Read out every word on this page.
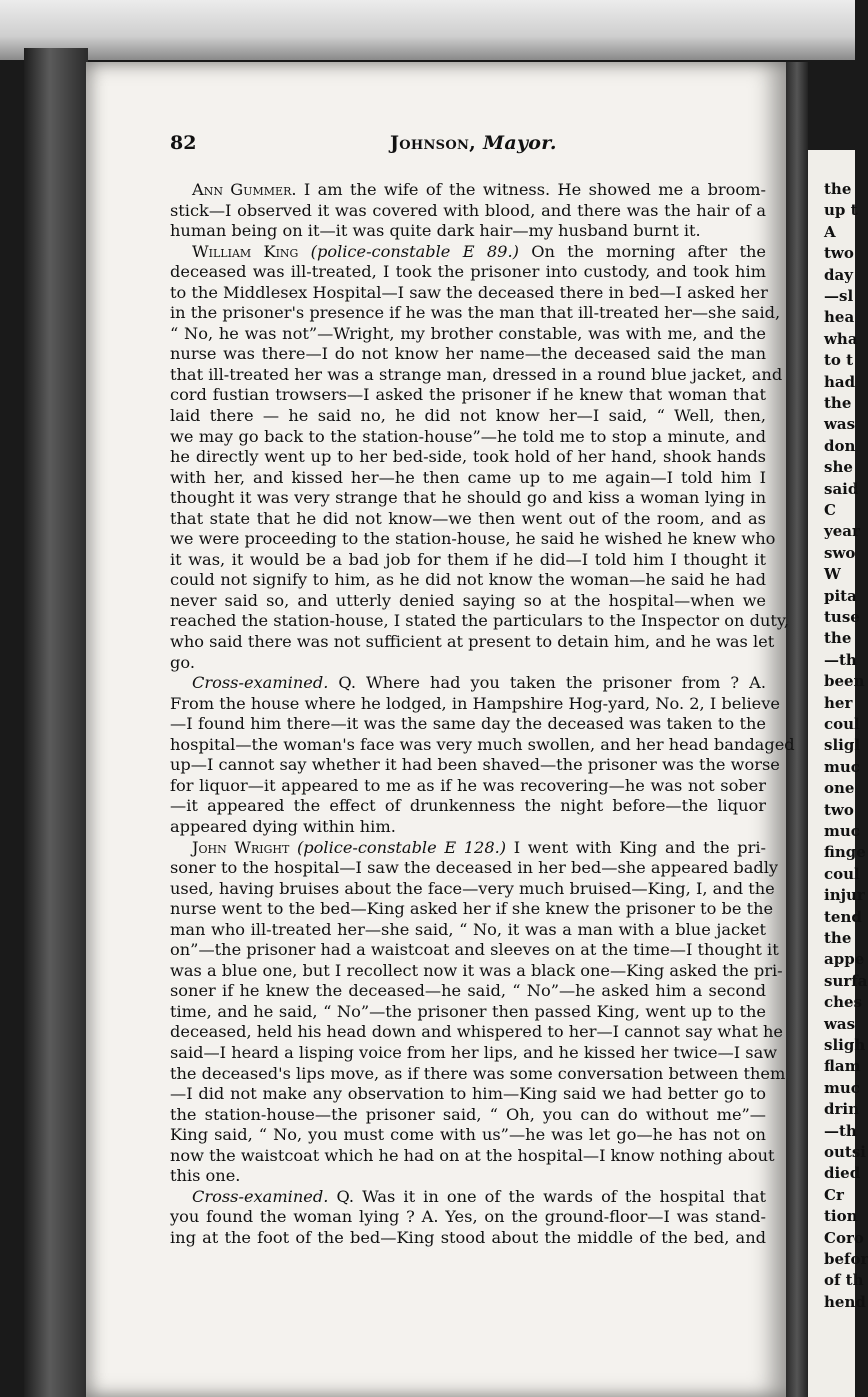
the
up t
A
two
day
—sl
hea
wha
to t
had
the
was
don
she
said
C
year
swo
W
pita
tuse
the
—th
been
her
coul
sligl
muc
one
two
muc
finge
coul
injur
tend
the
appe
surfa
ches
was
sligh
flam
muc
drin
—th
outsi
died
Cr
tion
Coro
befor
of th
hend
82	Johnson, Mayor.
Ann Gummer. I am the wife of the witness. He showed me a broom-
stick—I observed it was covered with blood, and there was the hair of a
human being on it—it was quite dark hair—my husband burnt it.
William King (police-constable E 89.) On the morning after the
deceased was ill-treated, I took the prisoner into custody, and took him
to the Middlesex Hospital—I saw the deceased there in bed—I asked her
in the prisoner's presence if he was the man that ill-treated her—she said,
“ No, he was not”—Wright, my brother constable, was with me, and the
nurse was there—I do not know her name—the deceased said the man
that ill-treated her was a strange man, dressed in a round blue jacket, and
cord fustian trowsers—I asked the prisoner if he knew that woman that
laid there — he said no, he did not know her—I said, “ Well, then,
we may go back to the station-house”—he told me to stop a minute, and
he directly went up to her bed-side, took hold of her hand, shook hands
with her, and kissed her—he then came up to me again—I told him I
thought it was very strange that he should go and kiss a woman lying in
that state that he did not know—we then went out of the room, and as
we were proceeding to the station-house, he said he wished he knew who
it was, it would be a bad job for them if he did—I told him I thought it
could not signify to him, as he did not know the woman—he said he had
never said so, and utterly denied saying so at the hospital—when we
reached the station-house, I stated the particulars to the Inspector on duty,
who said there was not sufficient at present to detain him, and he was let
go.
Cross-examined. Q. Where had you taken the prisoner from ? A.
From the house where he lodged, in Hampshire Hog-yard, No. 2, I believe
—I found him there—it was the same day the deceased was taken to the
hospital—the woman's face was very much swollen, and her head bandaged
up—I cannot say whether it had been shaved—the prisoner was the worse
for liquor—it appeared to me as if he was recovering—he was not sober
—it appeared the effect of drunkenness the night before—the liquor
appeared dying within him.
John Wright (police-constable E 128.) I went with King and the pri-
soner to the hospital—I saw the deceased in her bed—she appeared badly
used, having bruises about the face—very much bruised—King, I, and the
nurse went to the bed—King asked her if she knew the prisoner to be the
man who ill-treated her—she said, “ No, it was a man with a blue jacket
on”—the prisoner had a waistcoat and sleeves on at the time—I thought it
was a blue one, but I recollect now it was a black one—King asked the pri-
soner if he knew the deceased—he said, “ No”—he asked him a second
time, and he said, “ No”—the prisoner then passed King, went up to the
deceased, held his head down and whispered to her—I cannot say what he
said—I heard a lisping voice from her lips, and he kissed her twice—I saw
the deceased's lips move, as if there was some conversation between them
—I did not make any observation to him—King said we had better go to
the station-house—the prisoner said, “ Oh, you can do without me”—
King said, “ No, you must come with us”—he was let go—he has not on
now the waistcoat which he had on at the hospital—I know nothing about
this one.
Cross-examined. Q. Was it in one of the wards of the hospital that
you found the woman lying ? A. Yes, on the ground-floor—I was stand-
ing at the foot of the bed—King stood about the middle of the bed, and
